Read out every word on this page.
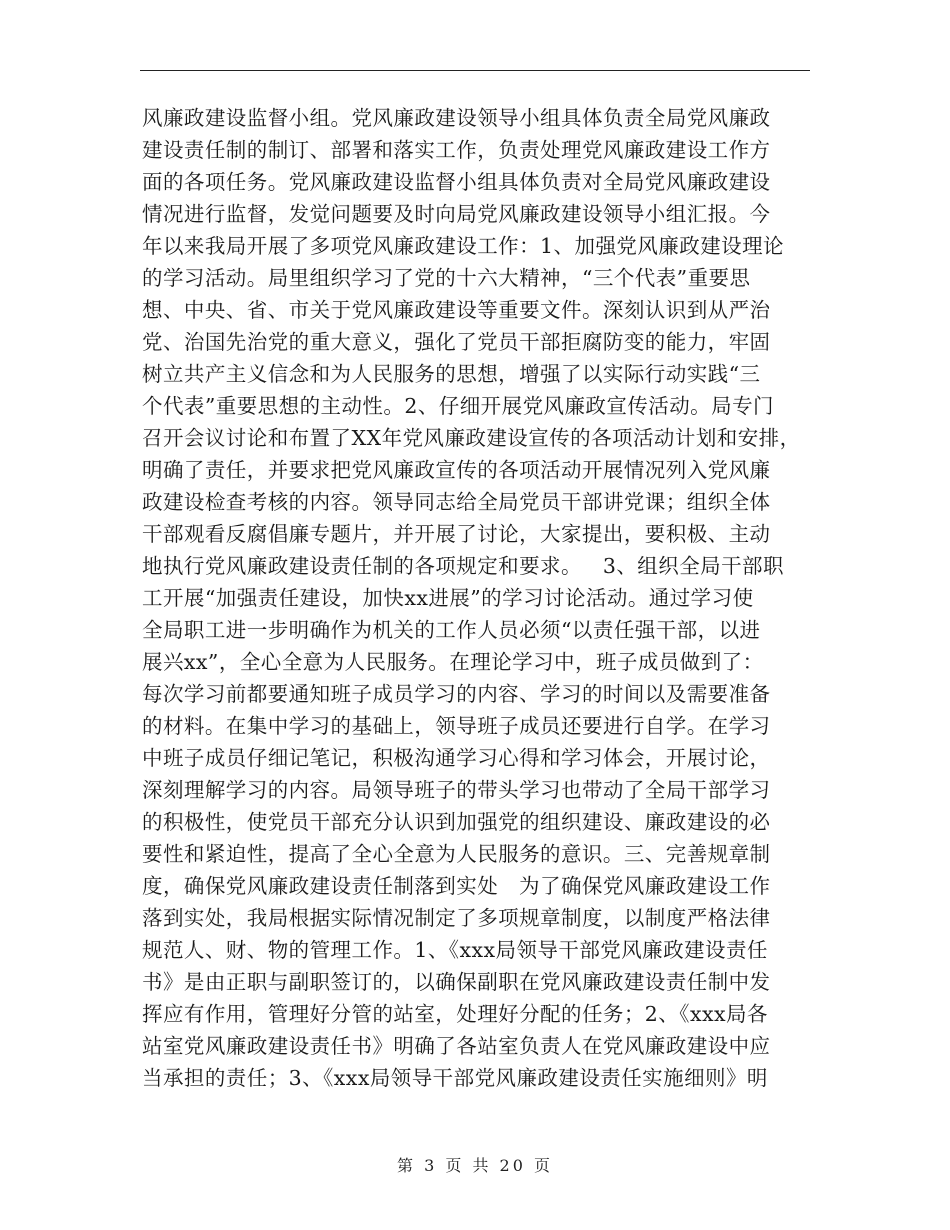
风廉政建设监督小组。党风廉政建设领导小组具体负责全局党风廉政
建设责任制的制订、部署和落实工作，负责处理党风廉政建设工作方
面的各项任务。党风廉政建设监督小组具体负责对全局党风廉政建设
情况进行监督，发觉问题要及时向局党风廉政建设领导小组汇报。今
年以来我局开展了多项党风廉政建设工作：1、加强党风廉政建设理论
的学习活动。局里组织学习了党的十六大精神，“三个代表”重要思
想、中央、省、市关于党风廉政建设等重要文件。深刻认识到从严治
党、治国先治党的重大意义，强化了党员干部拒腐防变的能力，牢固
树立共产主义信念和为人民服务的思想，增强了以实际行动实践“三
个代表”重要思想的主动性。2、仔细开展党风廉政宣传活动。局专门
召开会议讨论和布置了XX年党风廉政建设宣传的各项活动计划和安排，
明确了责任，并要求把党风廉政宣传的各项活动开展情况列入党风廉
政建设检查考核的内容。领导同志给全局党员干部讲党课；组织全体
干部观看反腐倡廉专题片，并开展了讨论，大家提出，要积极、主动
地执行党风廉政建设责任制的各项规定和要求。   3、组织全局干部职
工开展“加强责任建设，加快xx进展”的学习讨论活动。通过学习使
全局职工进一步明确作为机关的工作人员必须“以责任强干部，以进
展兴xx”，全心全意为人民服务。在理论学习中，班子成员做到了：
每次学习前都要通知班子成员学习的内容、学习的时间以及需要准备
的材料。在集中学习的基础上，领导班子成员还要进行自学。在学习
中班子成员仔细记笔记，积极沟通学习心得和学习体会，开展讨论，
深刻理解学习的内容。局领导班子的带头学习也带动了全局干部学习
的积极性，使党员干部充分认识到加强党的组织建设、廉政建设的必
要性和紧迫性，提高了全心全意为人民服务的意识。三、完善规章制
度，确保党风廉政建设责任制落到实处   为了确保党风廉政建设工作
落到实处，我局根据实际情况制定了多项规章制度，以制度严格法律
规范人、财、物的管理工作。1、《xxx局领导干部党风廉政建设责任
书》是由正职与副职签订的，以确保副职在党风廉政建设责任制中发
挥应有作用，管理好分管的站室，处理好分配的任务；2、《xxx局各
站室党风廉政建设责任书》明确了各站室负责人在党风廉政建设中应
当承担的责任；3、《xxx局领导干部党风廉政建设责任实施细则》明
第 3 页 共 20 页
